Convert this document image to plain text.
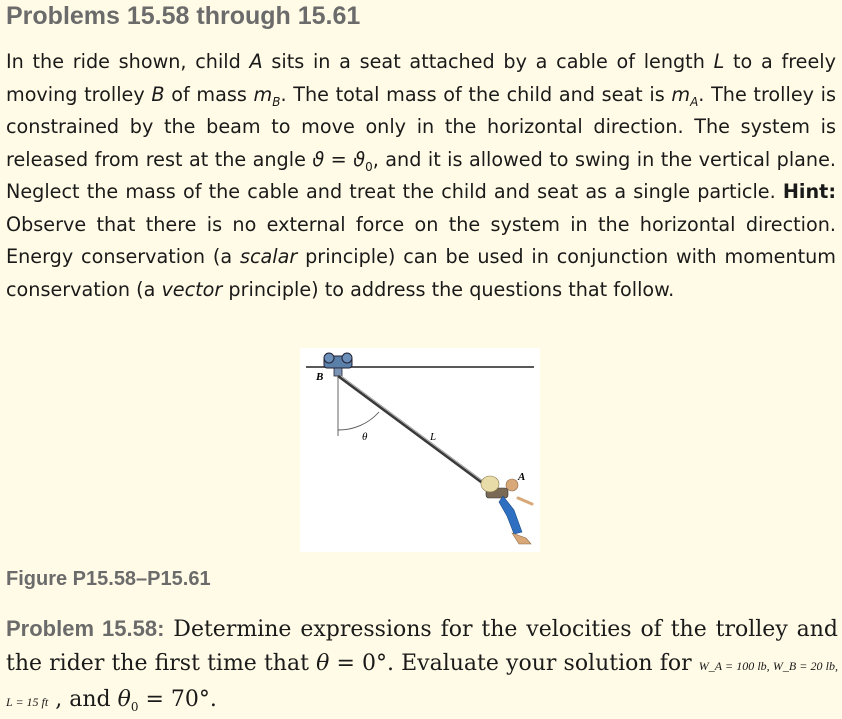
Problems 15.58 through 15.61

In the ride shown, child A sits in a seat attached by a cable of length L to a freely moving trolley B of mass $m_B$. The total mass of the child and seat is $m_A$. The trolley is constrained by the beam to move only in the horizontal direction. The system is released from rest at the angle $ϑ = ϑ_0$, and it is allowed to swing in the vertical plane. Neglect the mass of the cable and treat the child and seat as a single particle. Hint: Observe that there is no external force on the system in the horizontal direction. Energy conservation (a scalar principle) can be used in conjunction with momentum conservation (a vector principle) to address the questions that follow.

B
θ	L
A
Figure P15.58–P15.61

Problem 15.58: Determine expressions for the velocities of the trolley and the rider the first time that θ = 0°. Evaluate your solution for W_A = 100 lb, W_B = 20 lb, L = 15 ft , and $\theta_0 = 70^\circ$.
